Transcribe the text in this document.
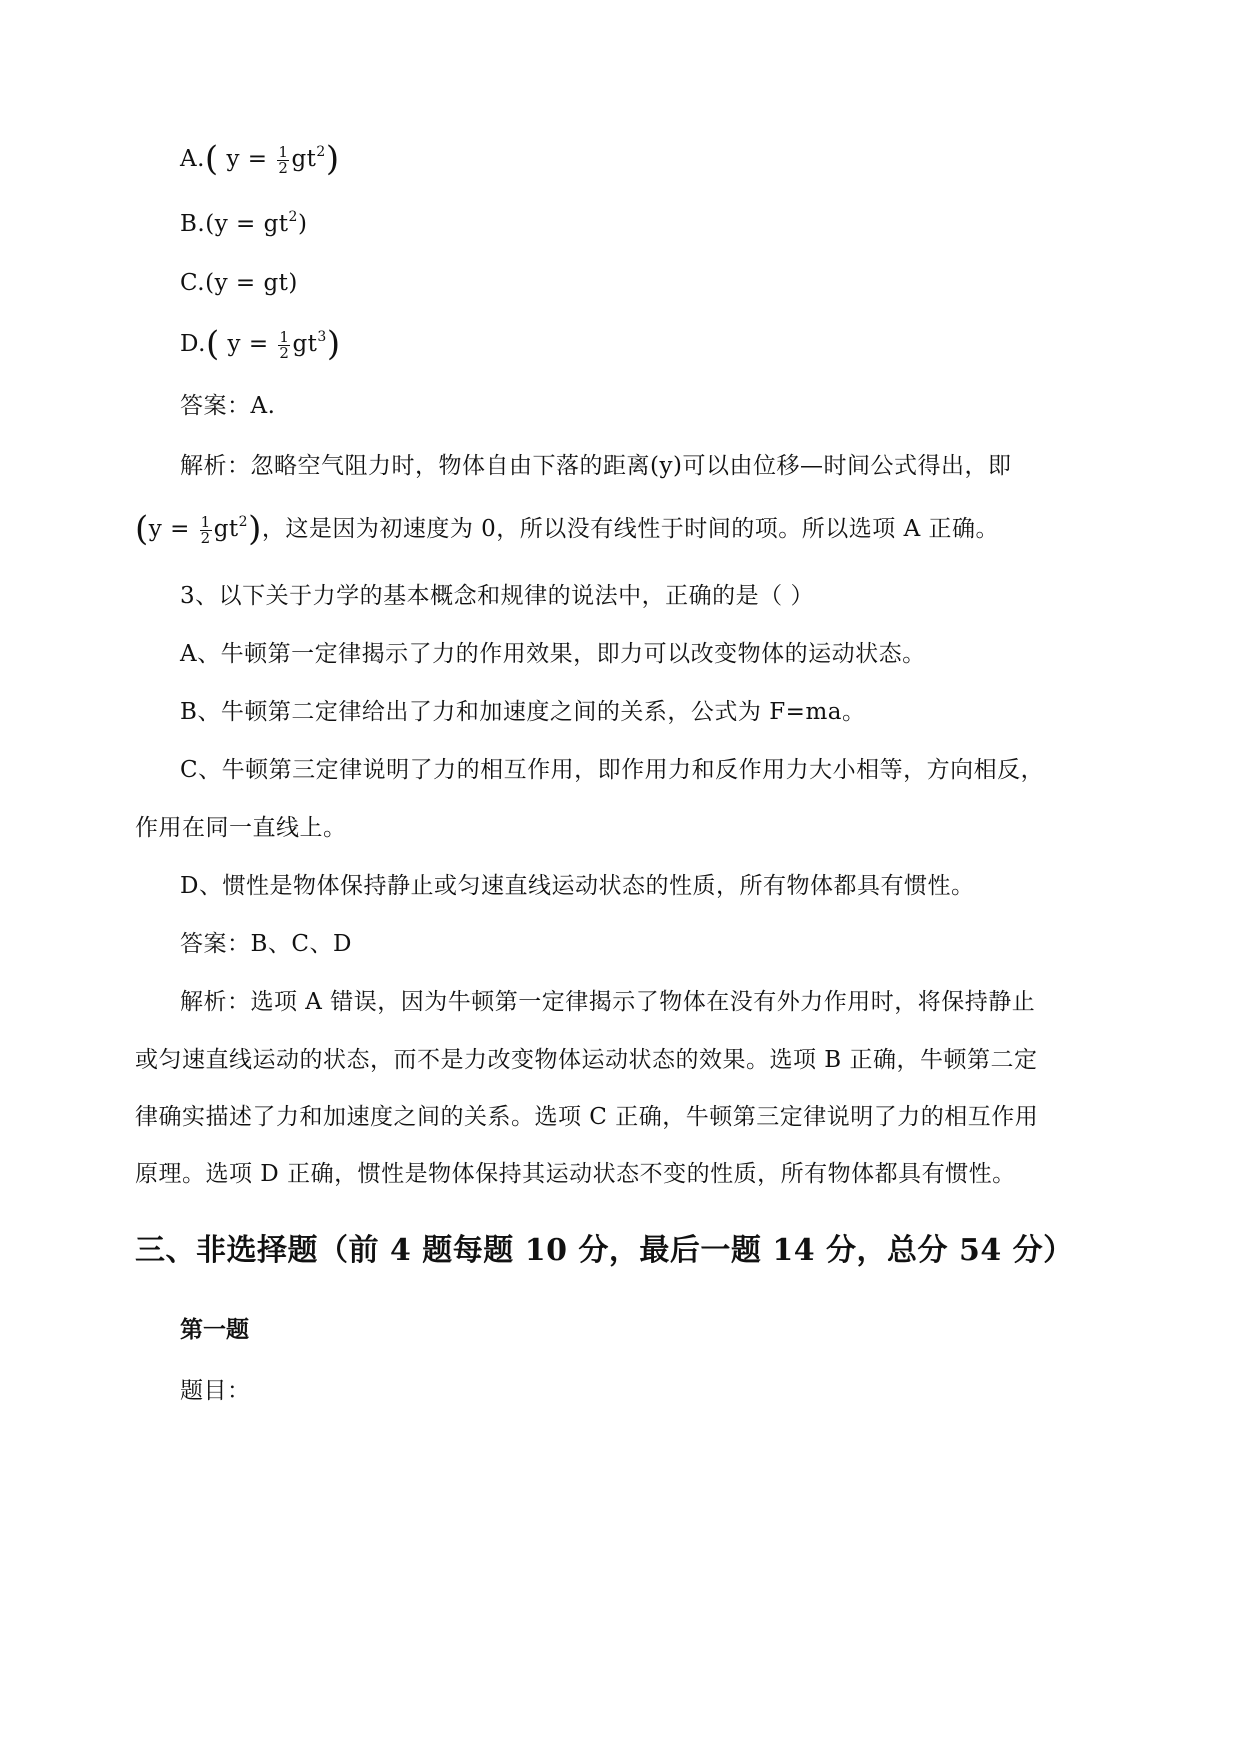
A.( $y = \frac{1}{2} gt^2$)
$B.(y = gt^2)$
C.(y = gt)
D.( $y = \frac{1}{2} gt^3$)
答案：A.
解析：忽略空气阻力时，物体自由下落的距离(y)可以由位移—时间公式得出，即
$(y = \frac{1}{2} gt^2)$，这是因为初速度为 0，所以没有线性于时间的项。所以选项 A 正确。
3、以下关于力学的基本概念和规律的说法中，正确的是（ ）
A、牛顿第一定律揭示了力的作用效果，即力可以改变物体的运动状态。
B、牛顿第二定律给出了力和加速度之间的关系，公式为 F=ma。
C、牛顿第三定律说明了力的相互作用，即作用力和反作用力大小相等，方向相反，
作用在同一直线上。
D、惯性是物体保持静止或匀速直线运动状态的性质，所有物体都具有惯性。
答案：B、C、D
解析：选项 A 错误，因为牛顿第一定律揭示了物体在没有外力作用时，将保持静止
或匀速直线运动的状态，而不是力改变物体运动状态的效果。选项 B 正确，牛顿第二定
律确实描述了力和加速度之间的关系。选项 C 正确，牛顿第三定律说明了力的相互作用
原理。选项 D 正确，惯性是物体保持其运动状态不变的性质，所有物体都具有惯性。
三、非选择题（前 4 题每题 10 分，最后一题 14 分，总分 54 分）
第一题
题目：
